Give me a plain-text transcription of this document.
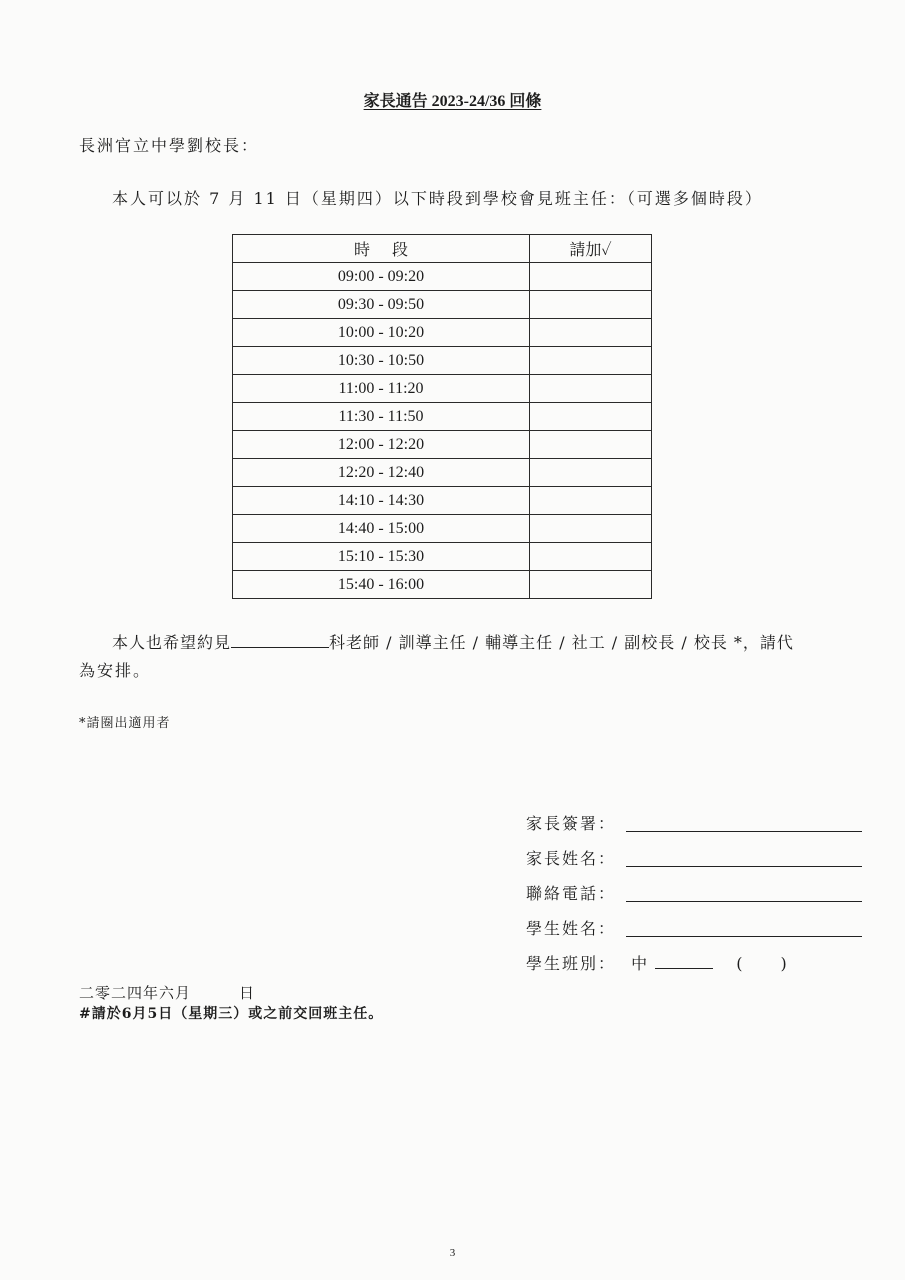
家長通告 2023-24/36 回條
長洲官立中學劉校長：
本人可以於 7 月 11 日（星期四）以下時段到學校會見班主任：（可選多個時段）
時段	請加✓
09:00 - 09:20	
09:30 - 09:50	
10:00 - 10:20	
10:30 - 10:50	
11:00 - 11:20	
11:30 - 11:50	
12:00 - 12:20	
12:20 - 12:40	
14:10 - 14:30	
14:40 - 15:00	
15:10 - 15:30	
15:40 - 16:00	
本人也希望約見	科老師 / 訓導主任 / 輔導主任 / 社工 / 副校長 / 校長 *，請代
為安排。
*請圈出適用者
家長簽署：
家長姓名：
聯絡電話：
學生姓名：
學生班別： 中	(　　)
二零二四年六月　　　日
#請於6月5日（星期三）或之前交回班主任。
3
